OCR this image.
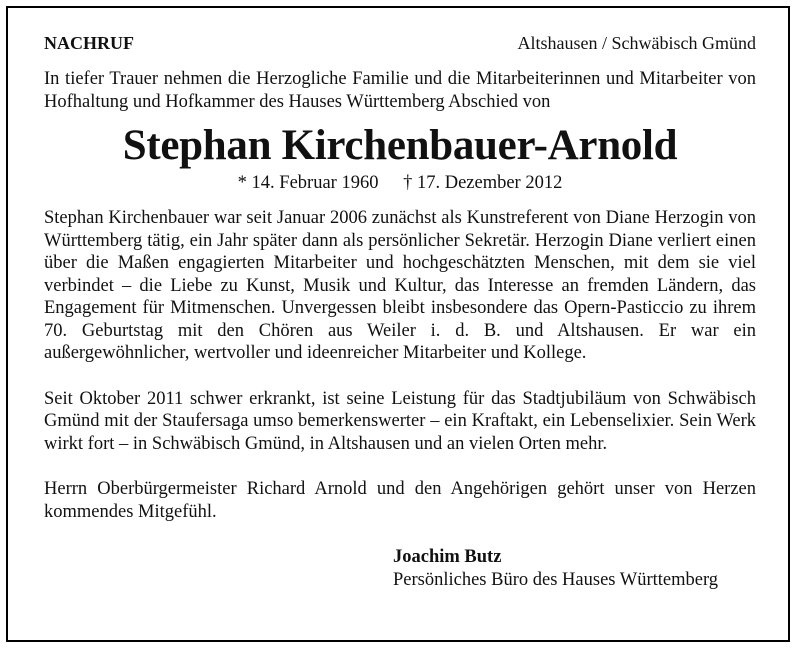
NACHRUF	Altshausen / Schwäbisch Gmünd

In tiefer Trauer nehmen die Herzogliche Familie und die Mitarbeiterinnen und Mitarbeiter von Hofhaltung und Hofkammer des Hauses Württemberg Abschied von

Stephan Kirchenbauer-Arnold
* 14. Februar 1960 † 17. Dezember 2012

Stephan Kirchenbauer war seit Januar 2006 zunächst als Kunstreferent von Diane Herzogin von Württemberg tätig, ein Jahr später dann als persönlicher Sekretär. Herzogin Diane verliert einen über die Maßen engagierten Mitarbeiter und hochgeschätzten Menschen, mit dem sie viel verbindet – die Liebe zu Kunst, Musik und Kultur, das Interesse an fremden Ländern, das Engagement für Mitmenschen. Unvergessen bleibt insbesondere das Opern-Pasticcio zu ihrem 70. Geburtstag mit den Chören aus Weiler i. d. B. und Altshausen. Er war ein außergewöhnlicher, wertvoller und ideenreicher Mitarbeiter und Kollege.

Seit Oktober 2011 schwer erkrankt, ist seine Leistung für das Stadtjubiläum von Schwäbisch Gmünd mit der Staufersaga umso bemerkenswerter – ein Kraftakt, ein Lebenselixier. Sein Werk wirkt fort – in Schwäbisch Gmünd, in Altshausen und an vielen Orten mehr.

Herrn Oberbürgermeister Richard Arnold und den Angehörigen gehört unser von Herzen kommendes Mitgefühl.

Joachim Butz
Persönliches Büro des Hauses Württemberg
